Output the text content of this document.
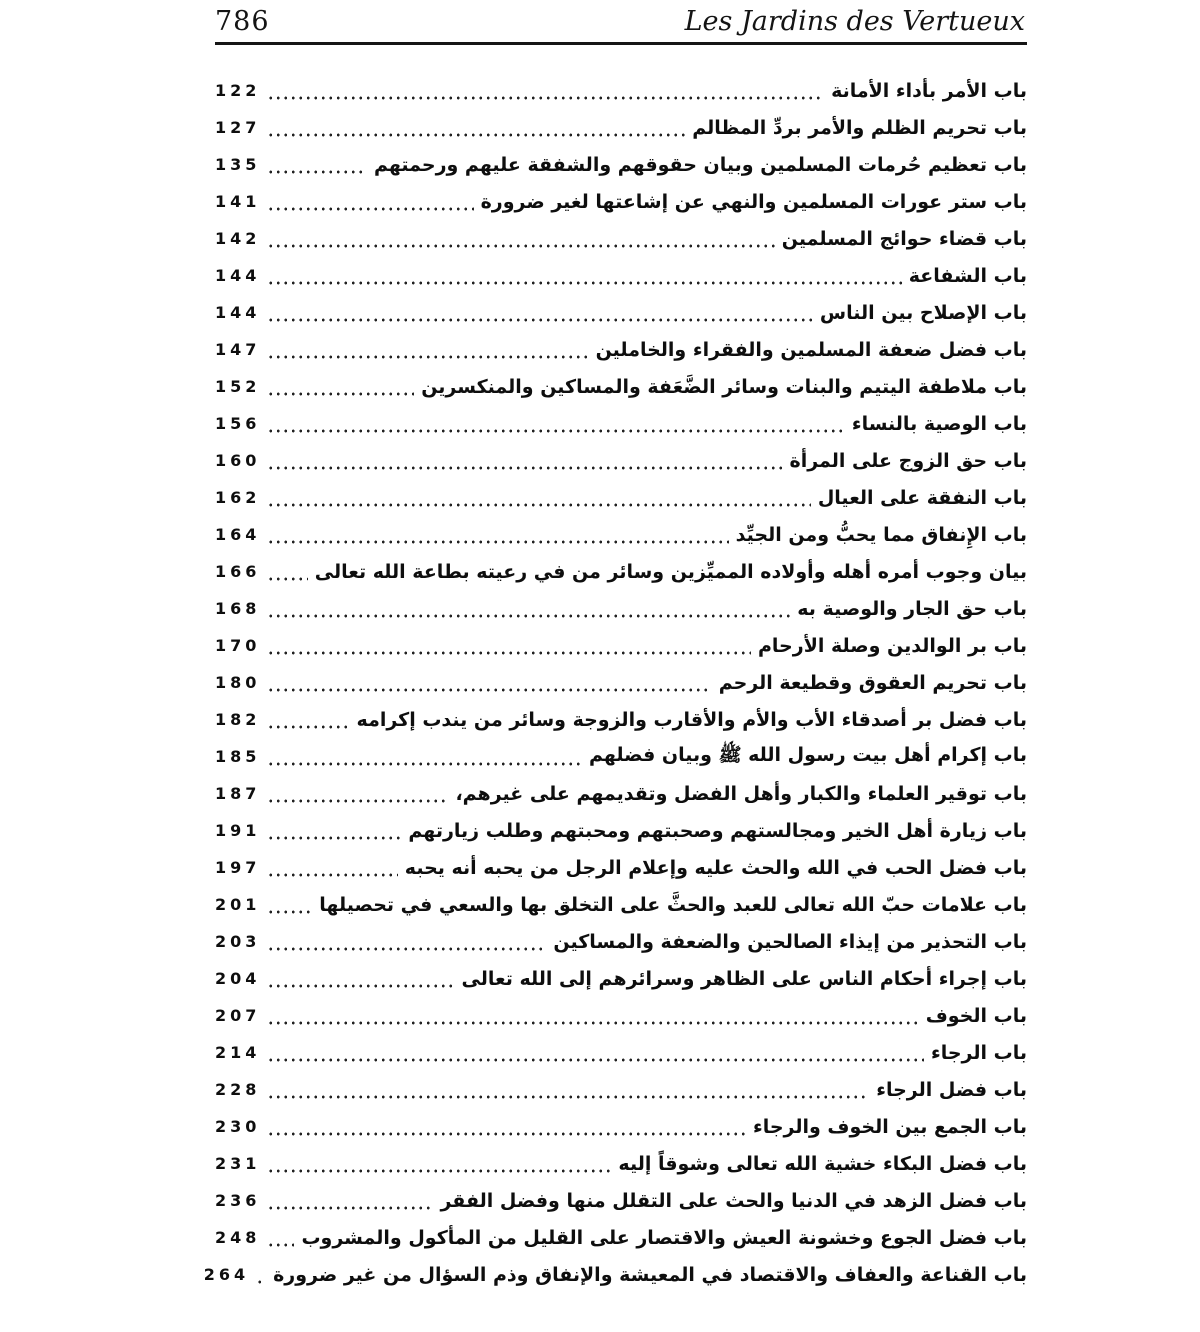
786	Les Jardins des Vertueux
باب الأمر بأداء الأمانة
122
باب تحريم الظلم والأمر بردِّ المظالم
127
باب تعظيم حُرمات المسلمين وبيان حقوقهم والشفقة عليهم ورحمتهم
135
باب ستر عورات المسلمين والنهي عن إشاعتها لغير ضرورة
141
باب قضاء حوائج المسلمين
142
باب الشفاعة
144
باب الإصلاح بين الناس
144
باب فضل ضعفة المسلمين والفقراء والخاملين
147
باب ملاطفة اليتيم والبنات وسائر الضَّعَفة والمساكين والمنكسرين
152
باب الوصية بالنساء
156
باب حق الزوج على المرأة
160
باب النفقة على العيال
162
باب الإِنفاق مما يحبُّ ومن الجيِّد
164
بيان وجوب أمره أهله وأولاده المميِّزين وسائر من في رعيته بطاعة الله تعالى
166
باب حق الجار والوصية به
168
باب بر الوالدين وصلة الأرحام
170
باب تحريم العقوق وقطيعة الرحم
180
باب فضل بر أصدقاء الأب والأم والأقارب والزوجة وسائر من يندب إكرامه
182
باب إكرام أهل بيت رسول الله ﷺ وبيان فضلهم
185
باب توقير العلماء والكبار وأهل الفضل وتقديمهم على غيرهم،
187
باب زيارة أهل الخير ومجالستهم وصحبتهم ومحبتهم وطلب زيارتهم
191
باب فضل الحب في الله والحث عليه وإعلام الرجل من يحبه أنه يحبه
197
باب علامات حبّ الله تعالى للعبد والحثَّ على التخلق بها والسعي في تحصيلها
201
باب التحذير من إيذاء الصالحين والضعفة والمساكين
203
باب إجراء أحكام الناس على الظاهر وسرائرهم إلى الله تعالى
204
باب الخوف
207
باب الرجاء
214
باب فضل الرجاء
228
باب الجمع بين الخوف والرجاء
230
باب فضل البكاء خشية الله تعالى وشوقاً إليه
231
باب فضل الزهد في الدنيا والحث على التقلل منها وفضل الفقر
236
باب فضل الجوع وخشونة العيش والاقتصار على القليل من المأكول والمشروب
248
باب القناعة والعفاف والاقتصاد في المعيشة والإنفاق وذم السؤال من غير ضرورة
264
